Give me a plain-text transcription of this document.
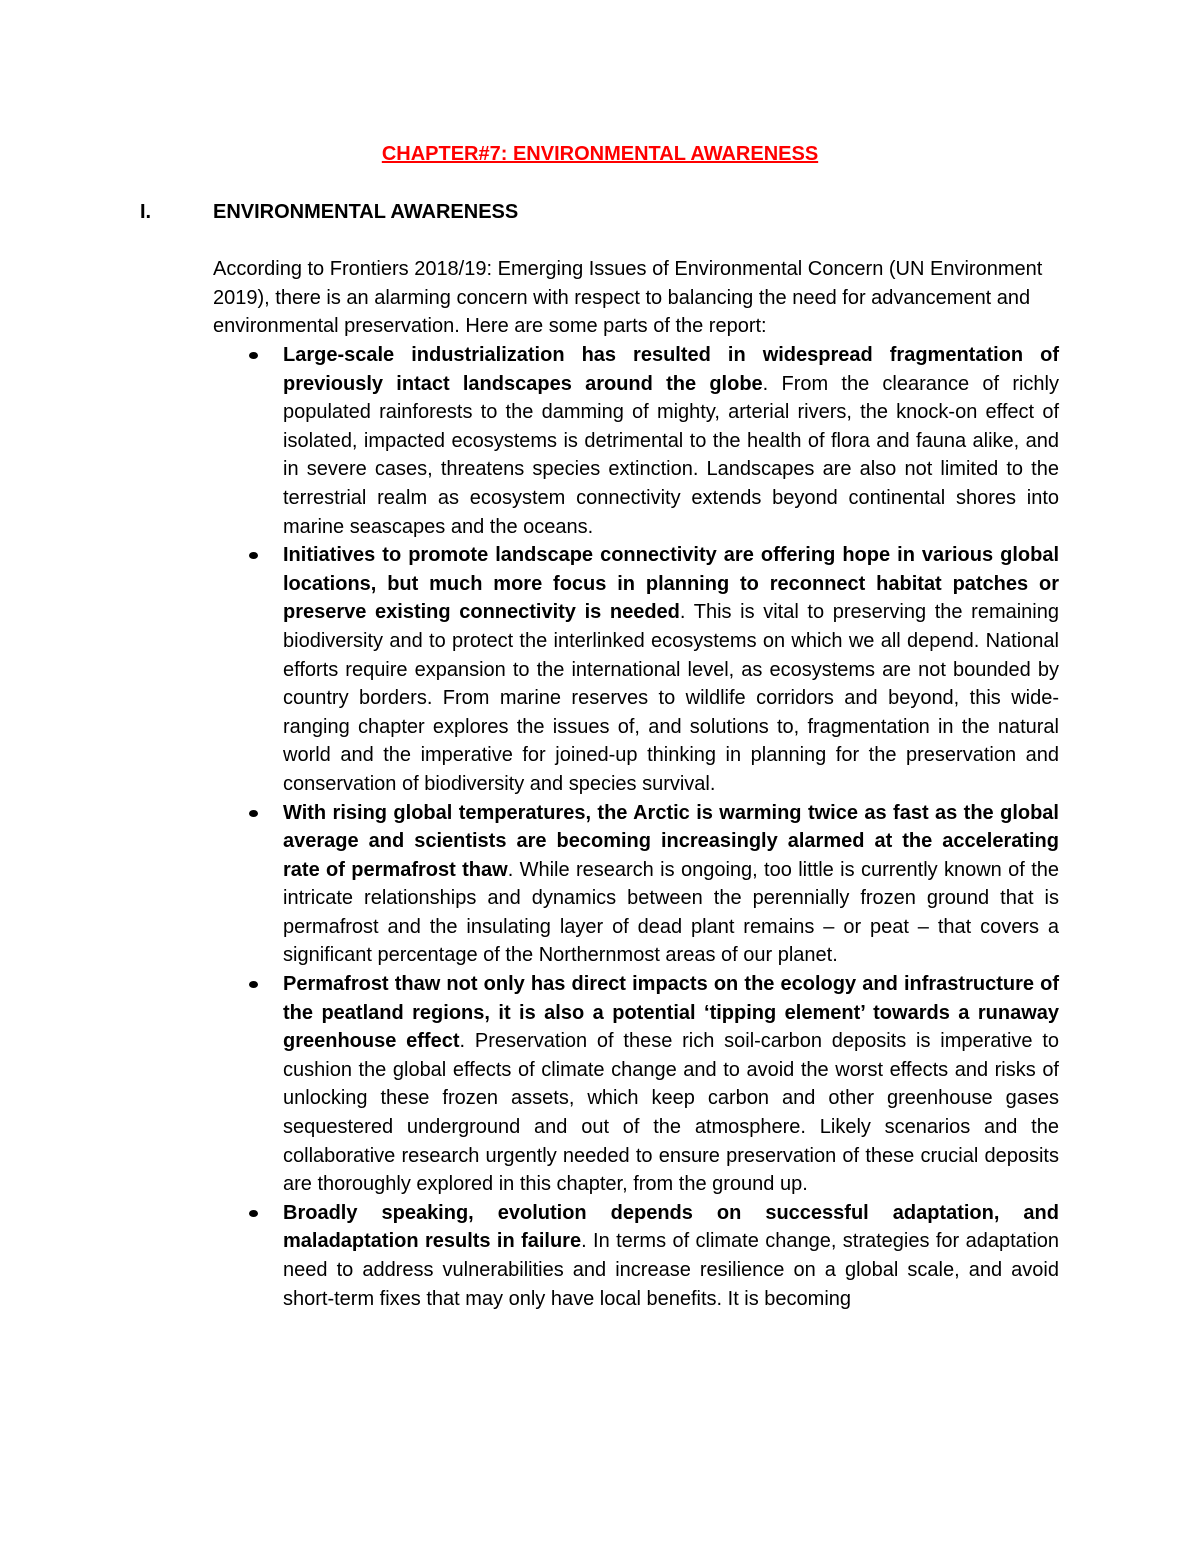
CHAPTER#7: ENVIRONMENTAL AWARENESS
I.	ENVIRONMENTAL AWARENESS

According to Frontiers 2018/19: Emerging Issues of Environmental Concern (UN Environment 2019), there is an alarming concern with respect to balancing the need for advancement and environmental preservation. Here are some parts of the report:

Large-scale industrialization has resulted in widespread fragmentation of previously intact landscapes around the globe. From the clearance of richly populated rainforests to the damming of mighty, arterial rivers, the knock-on effect of isolated, impacted ecosystems is detrimental to the health of flora and fauna alike, and in severe cases, threatens species extinction. Landscapes are also not limited to the terrestrial realm as ecosystem connectivity extends beyond continental shores into marine seascapes and the oceans.
Initiatives to promote landscape connectivity are offering hope in various global locations, but much more focus in planning to reconnect habitat patches or preserve existing connectivity is needed. This is vital to preserving the remaining biodiversity and to protect the interlinked ecosystems on which we all depend. National efforts require expansion to the international level, as ecosystems are not bounded by country borders. From marine reserves to wildlife corridors and beyond, this wide-ranging chapter explores the issues of, and solutions to, fragmentation in the natural world and the imperative for joined-up thinking in planning for the preservation and conservation of biodiversity and species survival.
With rising global temperatures, the Arctic is warming twice as fast as the global average and scientists are becoming increasingly alarmed at the accelerating rate of permafrost thaw. While research is ongoing, too little is currently known of the intricate relationships and dynamics between the perennially frozen ground that is permafrost and the insulating layer of dead plant remains – or peat – that covers a significant percentage of the Northernmost areas of our planet.
Permafrost thaw not only has direct impacts on the ecology and infrastructure of the peatland regions, it is also a potential ‘tipping element’ towards a runaway greenhouse effect. Preservation of these rich soil-carbon deposits is imperative to cushion the global effects of climate change and to avoid the worst effects and risks of unlocking these frozen assets, which keep carbon and other greenhouse gases sequestered underground and out of the atmosphere. Likely scenarios and the collaborative research urgently needed to ensure preservation of these crucial deposits are thoroughly explored in this chapter, from the ground up.
Broadly speaking, evolution depends on successful adaptation, and maladaptation results in failure. In terms of climate change, strategies for adaptation need to address vulnerabilities and increase resilience on a global scale, and avoid short-term fixes that may only have local benefits. It is becoming
